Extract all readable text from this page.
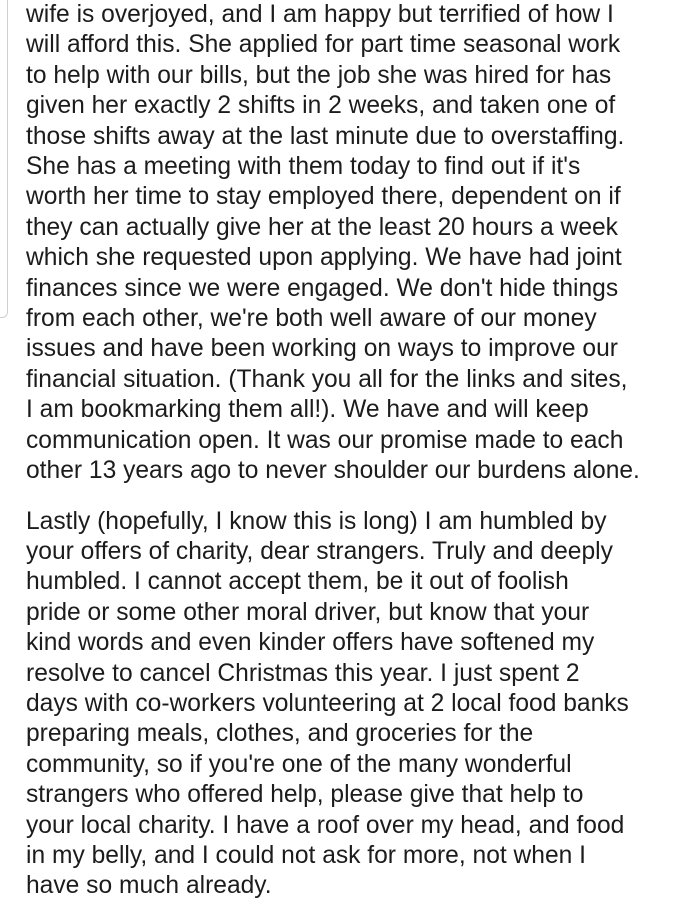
wife is overjoyed, and I am happy but terrified of how I
will afford this. She applied for part time seasonal work
to help with our bills, but the job she was hired for has
given her exactly 2 shifts in 2 weeks, and taken one of
those shifts away at the last minute due to overstaffing.
She has a meeting with them today to find out if it's
worth her time to stay employed there, dependent on if
they can actually give her at the least 20 hours a week
which she requested upon applying. We have had joint
finances since we were engaged. We don't hide things
from each other, we're both well aware of our money
issues and have been working on ways to improve our
financial situation. (Thank you all for the links and sites,
I am bookmarking them all!). We have and will keep
communication open. It was our promise made to each
other 13 years ago to never shoulder our burdens alone.

Lastly (hopefully, I know this is long) I am humbled by
your offers of charity, dear strangers. Truly and deeply
humbled. I cannot accept them, be it out of foolish
pride or some other moral driver, but know that your
kind words and even kinder offers have softened my
resolve to cancel Christmas this year. I just spent 2
days with co-workers volunteering at 2 local food banks
preparing meals, clothes, and groceries for the
community, so if you're one of the many wonderful
strangers who offered help, please give that help to
your local charity. I have a roof over my head, and food
in my belly, and I could not ask for more, not when I
have so much already.
